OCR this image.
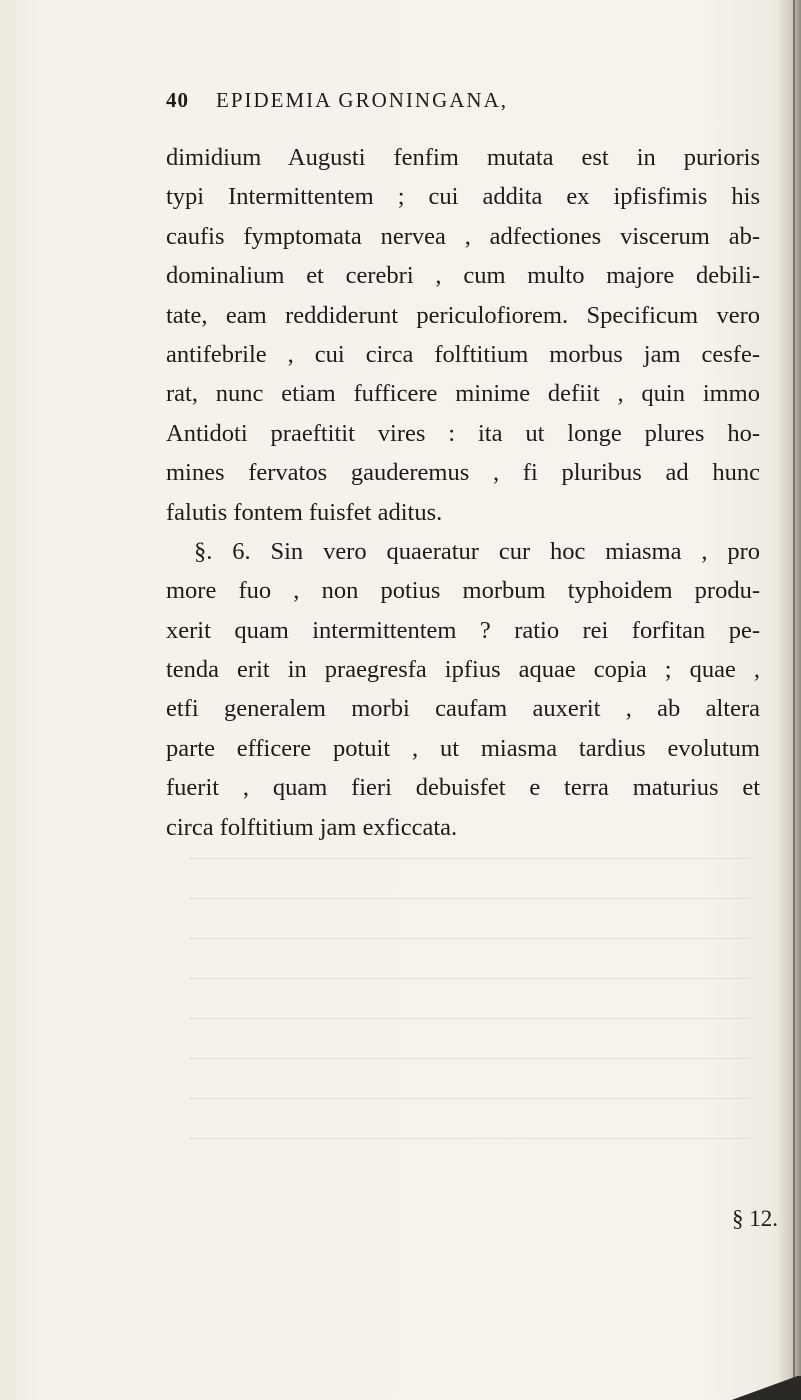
40 EPIDEMIA GRONINGANA,
dimidium Augusti fenfim mutata est in purioris
typi Intermittentem ; cui addita ex ipfisfimis his
caufis fymptomata nervea , adfectiones viscerum ab-
dominalium et cerebri , cum multo majore debili-
tate, eam reddiderunt periculofiorem. Specificum vero
antifebrile , cui circa folftitium morbus jam cesfe-
rat, nunc etiam fufficere minime defiit , quin immo
Antidoti praeftitit vires : ita ut longe plures ho-
mines fervatos gauderemus , fi pluribus ad hunc
falutis fontem fuisfet aditus.
§. 6. Sin vero quaeratur cur hoc miasma , pro
more fuo , non potius morbum typhoidem produ-
xerit quam intermittentem ? ratio rei forfitan pe-
tenda erit in praegresfa ipfius aquae copia ; quae ,
etfi generalem morbi caufam auxerit , ab altera
parte efficere potuit , ut miasma tardius evolutum
fuerit , quam fieri debuisfet e terra maturius et
circa folftitium jam exficcata.
§ 12.
